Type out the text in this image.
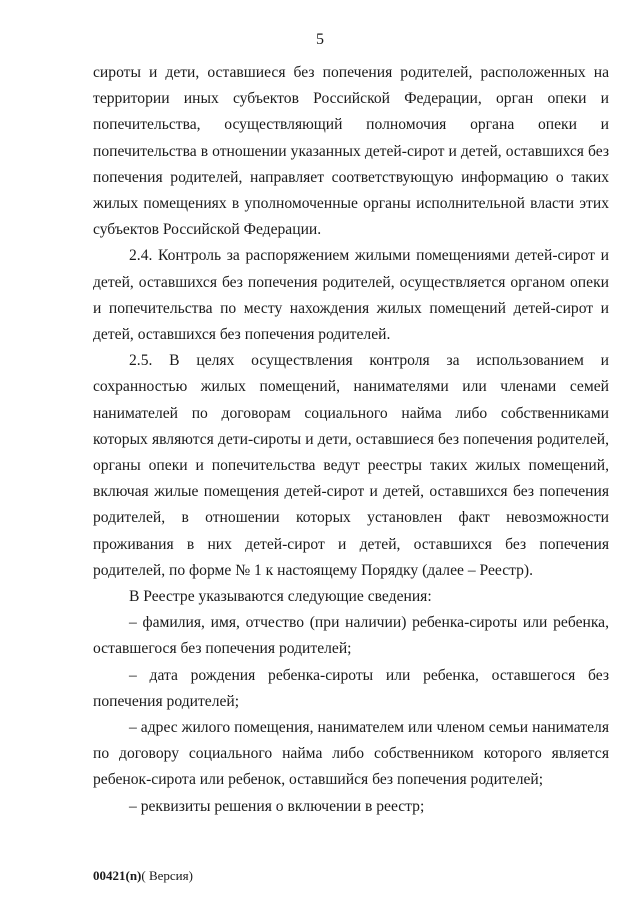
5

сироты и дети, оставшиеся без попечения родителей, расположенных на территории иных субъектов Российской Федерации, орган опеки и попечительства, осуществляющий полномочия органа опеки и попечительства в отношении указанных детей-сирот и детей, оставшихся без попечения родителей, направляет соответствующую информацию о таких жилых помещениях в уполномоченные органы исполнительной власти этих субъектов Российской Федерации.

2.4. Контроль за распоряжением жилыми помещениями детей-сирот и детей, оставшихся без попечения родителей, осуществляется органом опеки и попечительства по месту нахождения жилых помещений детей-сирот и детей, оставшихся без попечения родителей.

2.5. В целях осуществления контроля за использованием и сохранностью жилых помещений, нанимателями или членами семей нанимателей по договорам социального найма либо собственниками которых являются дети-сироты и дети, оставшиеся без попечения родителей, органы опеки и попечительства ведут реестры таких жилых помещений, включая жилые помещения детей-сирот и детей, оставшихся без попечения родителей, в отношении которых установлен факт невозможности проживания в них детей-сирот и детей, оставшихся без попечения родителей, по форме № 1 к настоящему Порядку (далее – Реестр).

В Реестре указываются следующие сведения:

– фамилия, имя, отчество (при наличии) ребенка-сироты или ребенка, оставшегося без попечения родителей;

– дата рождения ребенка-сироты или ребенка, оставшегося без попечения родителей;

– адрес жилого помещения, нанимателем или членом семьи нанимателя по договору социального найма либо собственником которого является ребенок-сирота или ребенок, оставшийся без попечения родителей;

– реквизиты решения о включении в реестр;

00421(n)( Версия)
